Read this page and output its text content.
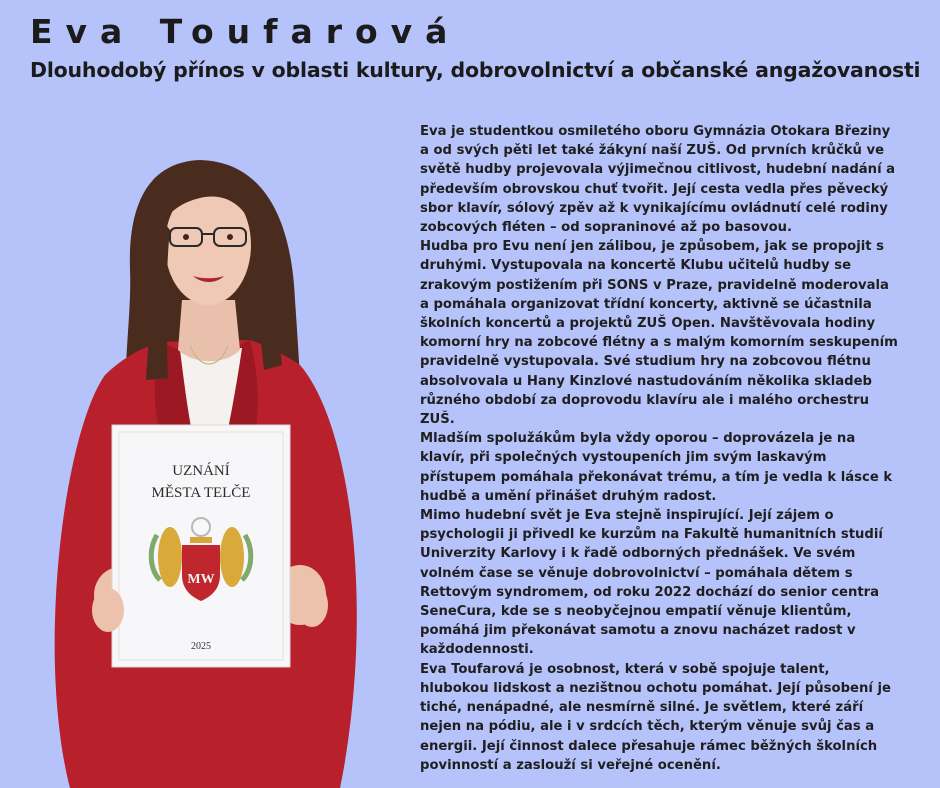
Eva Toufarová
Dlouhodobý přínos v oblasti kultury, dobrovolnictví a občanské angažovanosti
UZNÁNÍ
MĚSTA TELČE
MW
2025

Eva je studentkou osmiletého oboru Gymnázia Otokara Březiny a od svých pěti let také žákyní naší ZUŠ. Od prvních krůčků ve světě hudby projevovala výjimečnou citlivost, hudební nadání a především obrovskou chuť tvořit. Její cesta vedla přes pěvecký sbor klavír, sólový zpěv až k vynikajícímu ovládnutí celé rodiny zobcových fléten – od sopraninové až po basovou.

Hudba pro Evu není jen zálibou, je způsobem, jak se propojit s druhými. Vystupovala na koncertě Klubu učitelů hudby se zrakovým postižením při SONS v Praze, pravidelně moderovala a pomáhala organizovat třídní koncerty, aktivně se účastnila školních koncertů a projektů ZUŠ Open. Navštěvovala hodiny komorní hry na zobcové flétny a s malým komorním seskupením pravidelně vystupovala. Své studium hry na zobcovou flétnu absolvovala u Hany Kinzlové nastudováním několika skladeb různého období za doprovodu klavíru ale i malého orchestru ZUŠ.

Mladším spolužákům byla vždy oporou – doprovázela je na klavír, při společných vystoupeních jim svým laskavým přístupem pomáhala překonávat trému, a tím je vedla k lásce k hudbě a umění přinášet druhým radost.

Mimo hudební svět je Eva stejně inspirující. Její zájem o psychologii ji přivedl ke kurzům na Fakultě humanitních studií Univerzity Karlovy i k řadě odborných přednášek. Ve svém volném čase se věnuje dobrovolnictví – pomáhala dětem s Rettovým syndromem, od roku 2022 dochází do senior centra SeneCura, kde se s neobyčejnou empatií věnuje klientům, pomáhá jim překonávat samotu a znovu nacházet radost v každodennosti.

Eva Toufarová je osobnost, která v sobě spojuje talent, hlubokou lidskost a nezištnou ochotu pomáhat. Její působení je tiché, nenápadné, ale nesmírně silné. Je světlem, které září nejen na pódiu, ale i v srdcích těch, kterým věnuje svůj čas a energii. Její činnost dalece přesahuje rámec běžných školních povinností a zaslouží si veřejné ocenění.
